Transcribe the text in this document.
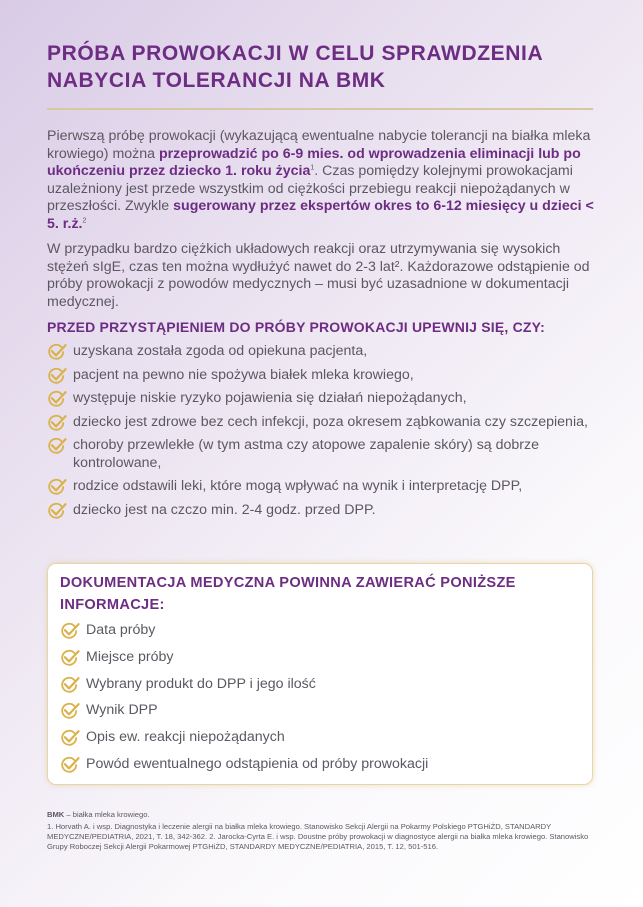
PRÓBA PROWOKACJI W CELU SPRAWDZENIA NABYCIA TOLERANCJI NA BMK

Pierwszą próbę prowokacji (wykazującą ewentualne nabycie tolerancji na białka mleka krowiego) można przeprowadzić po 6-9 mies. od wprowadzenia eliminacji lub po ukończeniu przez dziecko 1. roku życia$^1$. Czas pomiędzy kolejnymi prowokacjami uzależniony jest przede wszystkim od ciężkości przebiegu reakcji niepożądanych w przeszłości. Zwykle sugerowany przez ekspertów okres to 6-12 miesięcy u dzieci < 5. r.ż.$^2$

W przypadku bardzo ciężkich układowych reakcji oraz utrzymywania się wysokich stężeń sIgE, czas ten można wydłużyć nawet do 2-3 lat². Każdorazowe odstąpienie od próby prowokacji z powodów medycznych – musi być uzasadnione w dokumentacji medycznej.

PRZED PRZYSTĄPIENIEM DO PRÓBY PROWOKACJI UPEWNIJ SIĘ, CZY:

uzyskana została zgoda od opiekuna pacjenta,
pacjent na pewno nie spożywa białek mleka krowiego,
występuje niskie ryzyko pojawienia się działań niepożądanych,
dziecko jest zdrowe bez cech infekcji, poza okresem ząbkowania czy szczepienia,
choroby przewlekłe (w tym astma czy atopowe zapalenie skóry) są dobrze kontrolowane,
rodzice odstawili leki, które mogą wpływać na wynik i interpretację DPP,
dziecko jest na czczo min. 2-4 godz. przed DPP.
DOKUMENTACJA MEDYCZNA POWINNA ZAWIERAĆ PONIŻSZE INFORMACJE:
Data próby
Miejsce próby
Wybrany produkt do DPP i jego ilość
Wynik DPP
Opis ew. reakcji niepożądanych
Powód ewentualnego odstąpienia od próby prowokacji

BMK – białka mleka krowiego.

1. Horvath A. i wsp. Diagnostyka i leczenie alergii na białka mleka krowiego. Stanowisko Sekcji Alergii na Pokarmy Polskiego PTGHiŻD, STANDARDY MEDYCZNE/PEDIATRIA, 2021, T. 18, 342-362. 2. Jarocka-Cyrta E. i wsp. Doustne próby prowokacji w diagnostyce alergii na białka mleka krowiego. Stanowisko Grupy Roboczej Sekcji Alergii Pokarmowej PTGHiŻD, STANDARDY MEDYCZNE/PEDIATRIA, 2015, T. 12, 501-516.
